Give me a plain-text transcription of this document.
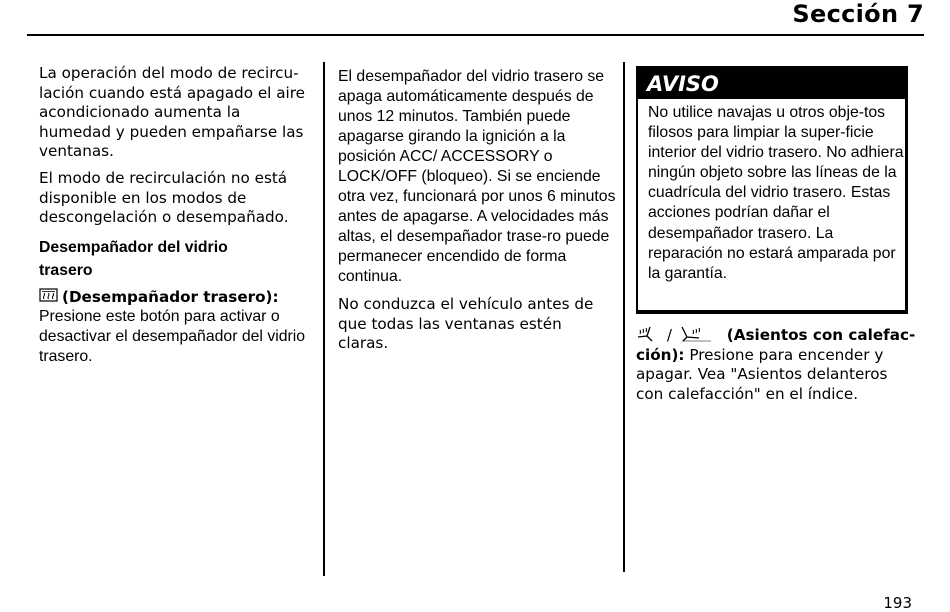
Sección 7

La operación del modo de recircu-lación cuando está apagado el aire acondicionado aumenta la humedad y pueden empañarse las ventanas.

El modo de recirculación no está disponible en los modos de descongelación o desempañado.

Desempañador del vidrio
trasero

(Desempañador trasero):

Presione este botón para activar o desactivar el desempañador del vidrio trasero.

El desempañador del vidrio trasero se apaga automáticamente después de unos 12 minutos. También puede apagarse girando la ignición a la posición ACC/ ACCESSORY o LOCK/OFF (bloqueo). Si se enciende otra vez, funcionará por unos 6 minutos antes de apagarse. A velocidades más altas, el desempañador trase-ro puede permanecer encendido de forma continua.

No conduzca el vehículo antes de que todas las ventanas estén claras.

AVISO
No utilice navajas u otros obje-tos filosos para limpiar la super-ficie interior del vidrio trasero. No adhiera ningún objeto sobre las líneas de la cuadrícula del vidrio trasero. Estas acciones podrían dañar el desempañador trasero. La reparación no estará amparada por la garantía.

/	(Asientos con calefac-ción): Presione para encender y apagar. Vea "Asientos delanteros con calefacción" en el índice.

193
